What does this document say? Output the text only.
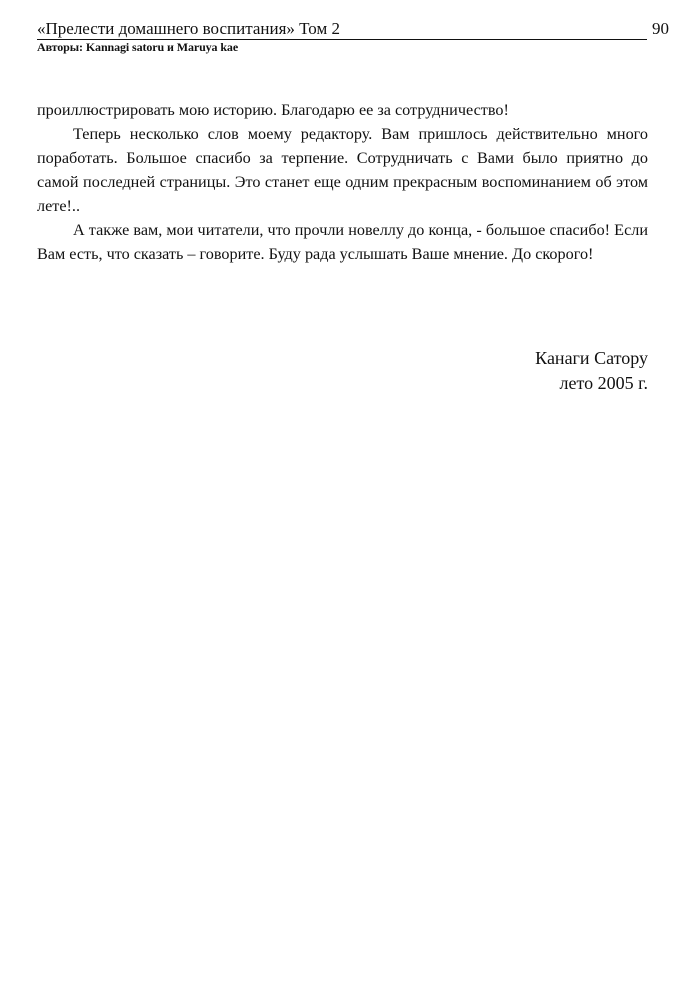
«Прелести домашнего воспитания» Том 2
Авторы: Kannagi satoru и Maruya kae
90

проиллюстрировать мою историю. Благодарю ее за сотрудничество!

Теперь несколько слов моему редактору. Вам пришлось действительно много поработать. Большое спасибо за терпение. Сотрудничать с Вами было приятно до самой последней страницы. Это станет еще одним прекрасным воспоминанием об этом лете!..

А также вам, мои читатели, что прочли новеллу до конца, - большое спасибо! Если Вам есть, что сказать – говорите. Буду рада услышать Ваше мнение. До скорого!

Канаги Сатору
лето 2005 г.
